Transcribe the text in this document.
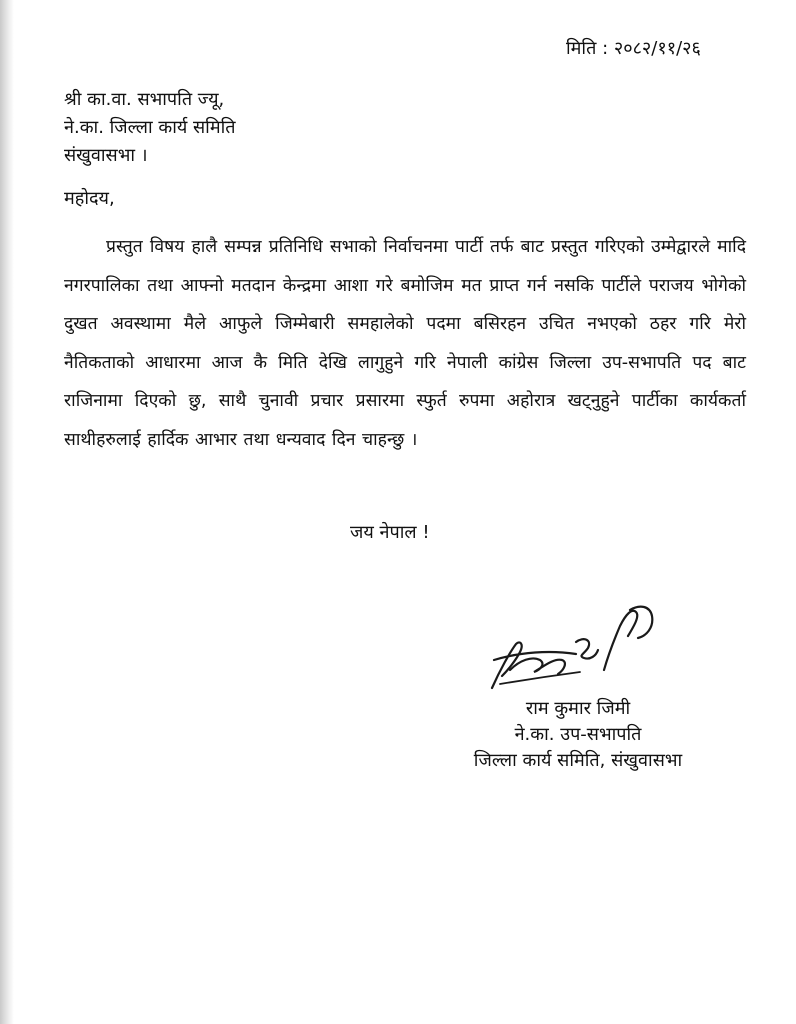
मिति : २०८२/११/२६
श्री का.वा. सभापति ज्यू,
ने.का. जिल्ला कार्य समिति
संखुवासभा ।
महोदय,
प्रस्तुत विषय हालै सम्पन्न प्रतिनिधि सभाको निर्वाचनमा पार्टी तर्फ बाट प्रस्तुत गरिएको उम्मेद्वारले मादि नगरपालिका तथा आफ्नो मतदान केन्द्रमा आशा गरे बमोजिम मत प्राप्त गर्न नसकि पार्टीले पराजय भोगेको दुखत अवस्थामा मैले आफुले जिम्मेबारी समहालेको पदमा बसिरहन उचित नभएको ठहर गरि मेरो नैतिकताको आधारमा आज कै मिति देखि लागुहुने गरि नेपाली कांग्रेस जिल्ला उप-सभापति पद बाट राजिनामा दिएको छु, साथै चुनावी प्रचार प्रसारमा स्फुर्त रुपमा अहोरात्र खट्नुहुने पार्टीका कार्यकर्ता साथीहरुलाई हार्दिक आभार तथा धन्यवाद दिन चाहन्छु ।
जय नेपाल !
राम कुमार जिमी
ने.का. उप-सभापति
जिल्ला कार्य समिति, संखुवासभा
